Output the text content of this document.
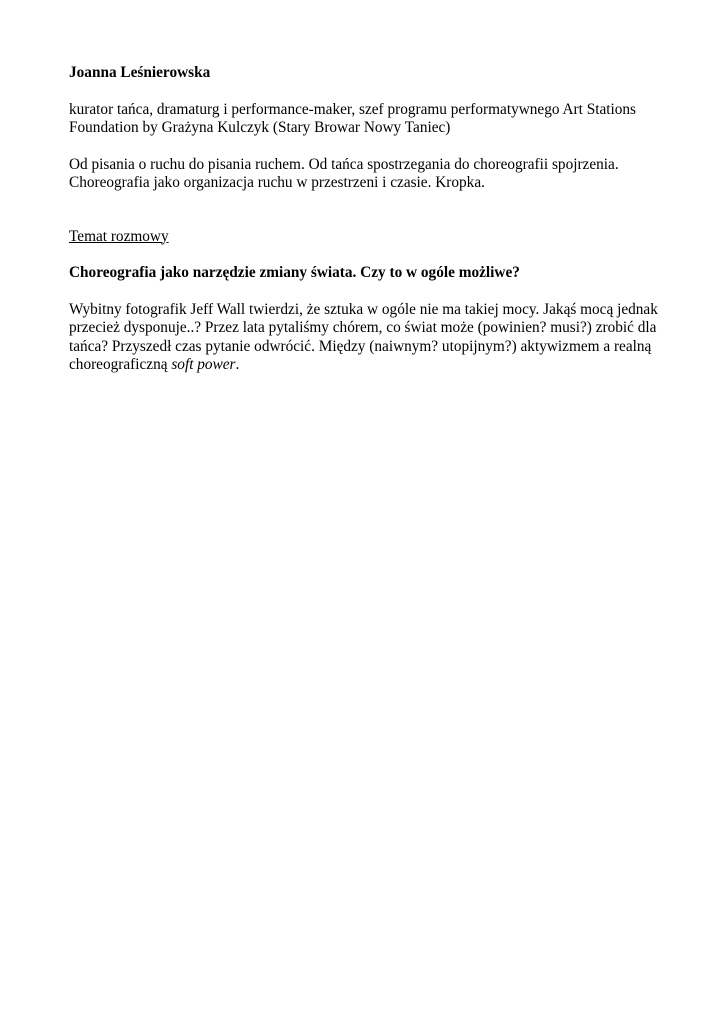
Joanna Leśnierowska

kurator tańca, dramaturg i performance-maker, szef programu performatywnego Art Stations
Foundation by Grażyna Kulczyk (Stary Browar Nowy Taniec)

Od pisania o ruchu do pisania ruchem. Od tańca spostrzegania do choreografii spojrzenia.
Choreografia jako organizacja ruchu w przestrzeni i czasie. Kropka.

Temat rozmowy

Choreografia jako narzędzie zmiany świata. Czy to w ogóle możliwe?

Wybitny fotografik Jeff Wall twierdzi, że sztuka w ogóle nie ma takiej mocy. Jakąś mocą jednak
przecież dysponuje..? Przez lata pytaliśmy chórem, co świat może (powinien? musi?) zrobić dla
tańca? Przyszedł czas pytanie odwrócić. Między (naiwnym? utopijnym?) aktywizmem a realną
choreograficzną soft power.
